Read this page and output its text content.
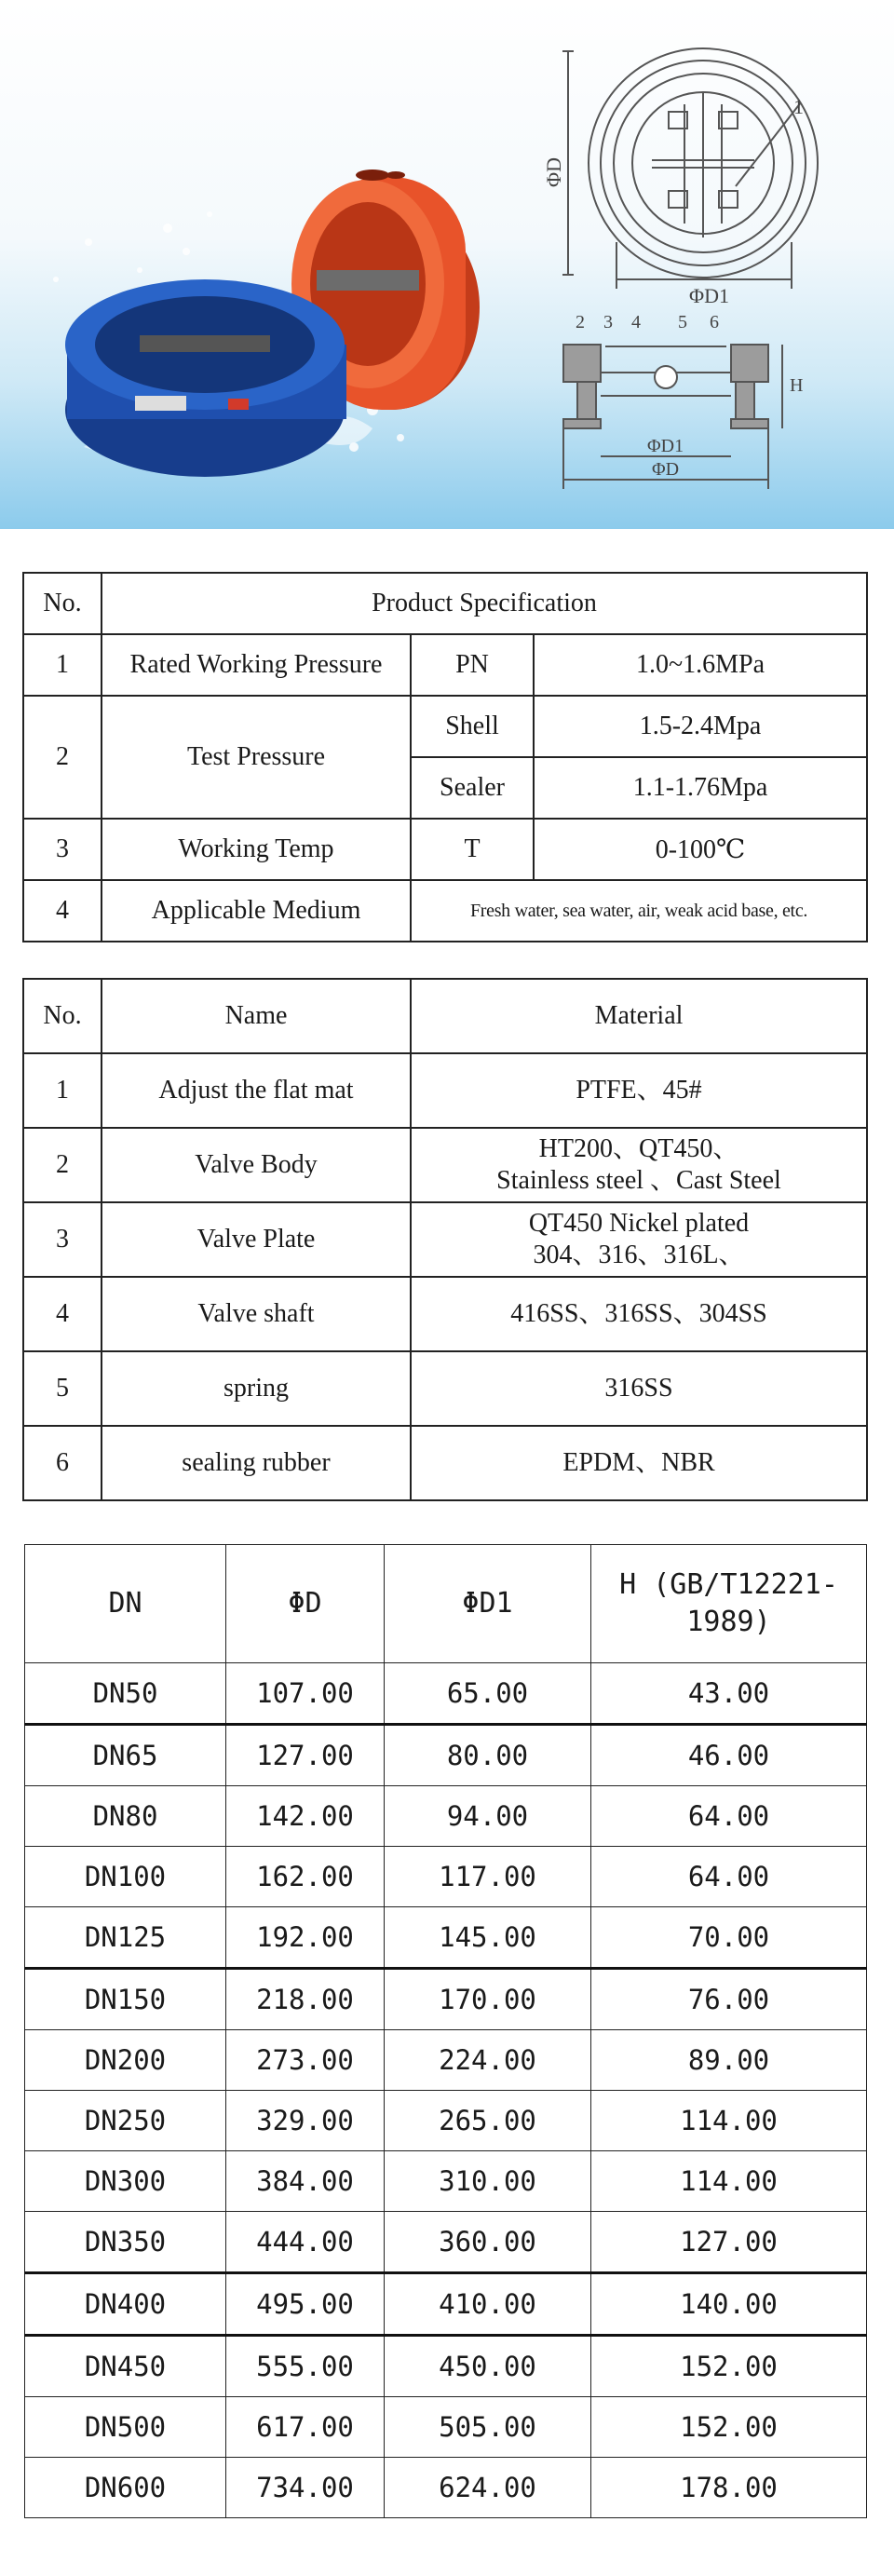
ΦD
ΦD1
1
2 3 4 5 6
H
ΦD1
ΦD
No.	Product Specification		
1	Rated Working Pressure	PN	1.0~1.6MPa
2	Test Pressure	Shell	1.5-2.4Mpa
		Sealer	1.1-1.76Mpa
3	Working Temp	T	0-100℃
4	Applicable Medium	Fresh water, sea water, air, weak acid base, etc.	
No.	Name	Material
1	Adjust the flat mat	PTFE、45#

2	Valve Body	HT200、QT450、
Stainless steel 、Cast Steel

3	Valve Plate	QT450 Nickel plated
304、316、316L、

4	Valve shaft	416SS、316SS、304SS

5	spring	316SS

6	sealing rubber	EPDM、NBR
DN	ΦD	ΦD1	H (GB/T12221-
1989)

DN50	107.00	65.00	43.00
DN65	127.00	80.00	46.00
DN80	142.00	94.00	64.00
DN100	162.00	117.00	64.00
DN125	192.00	145.00	70.00
DN150	218.00	170.00	76.00
DN200	273.00	224.00	89.00
DN250	329.00	265.00	114.00
DN300	384.00	310.00	114.00
DN350	444.00	360.00	127.00
DN400	495.00	410.00	140.00
DN450	555.00	450.00	152.00
DN500	617.00	505.00	152.00
DN600	734.00	624.00	178.00
